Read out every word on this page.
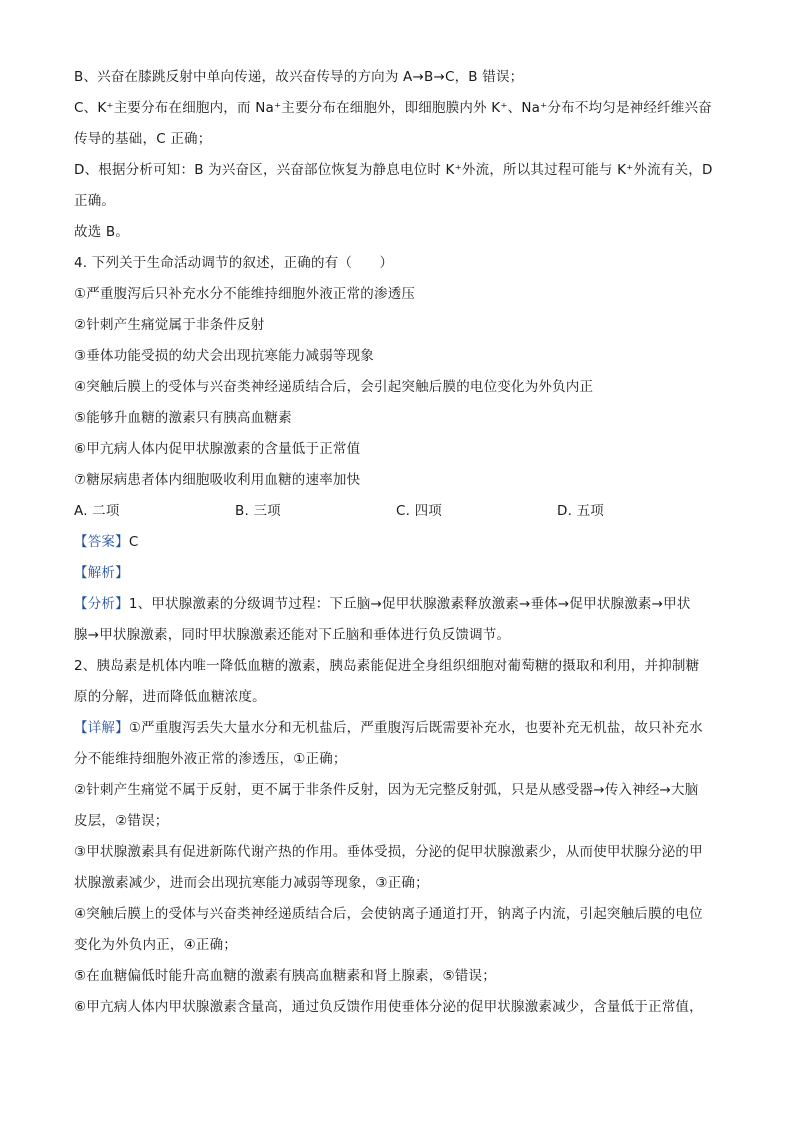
B、兴奋在膝跳反射中单向传递，故兴奋传导的方向为 A→B→C，B 错误；
C、K⁺主要分布在细胞内，而 Na⁺主要分布在细胞外，即细胞膜内外 K⁺、Na⁺分布不均匀是神经纤维兴奋
传导的基础，C 正确；
D、根据分析可知：B 为兴奋区，兴奋部位恢复为静息电位时 K⁺外流，所以其过程可能与 K⁺外流有关，D
正确。
故选 B。
4. 下列关于生命活动调节的叙述，正确的有（　　）
①严重腹泻后只补充水分不能维持细胞外液正常的渗透压
②针刺产生痛觉属于非条件反射
③垂体功能受损的幼犬会出现抗寒能力减弱等现象
④突触后膜上的受体与兴奋类神经递质结合后，会引起突触后膜的电位变化为外负内正
⑤能够升血糖的激素只有胰高血糖素
⑥甲亢病人体内促甲状腺激素的含量低于正常值
⑦糖尿病患者体内细胞吸收利用血糖的速率加快
A. 二项	B. 三项	C. 四项	D. 五项
【答案】C
【解析】
【分析】1、甲状腺激素的分级调节过程：下丘脑→促甲状腺激素释放激素→垂体→促甲状腺激素→甲状
腺→甲状腺激素，同时甲状腺激素还能对下丘脑和垂体进行负反馈调节。
2、胰岛素是机体内唯一降低血糖的激素，胰岛素能促进全身组织细胞对葡萄糖的摄取和利用，并抑制糖
原的分解，进而降低血糖浓度。
【详解】①严重腹泻丢失大量水分和无机盐后，严重腹泻后既需要补充水，也要补充无机盐，故只补充水
分不能维持细胞外液正常的渗透压，①正确；
②针刺产生痛觉不属于反射，更不属于非条件反射，因为无完整反射弧，只是从感受器→传入神经→大脑
皮层，②错误；
③甲状腺激素具有促进新陈代谢产热的作用。垂体受损，分泌的促甲状腺激素少，从而使甲状腺分泌的甲
状腺激素减少，进而会出现抗寒能力减弱等现象，③正确；
④突触后膜上的受体与兴奋类神经递质结合后，会使钠离子通道打开，钠离子内流，引起突触后膜的电位
变化为外负内正，④正确；
⑤在血糖偏低时能升高血糖的激素有胰高血糖素和肾上腺素，⑤错误；
⑥甲亢病人体内甲状腺激素含量高，通过负反馈作用使垂体分泌的促甲状腺激素减少，含量低于正常值，
